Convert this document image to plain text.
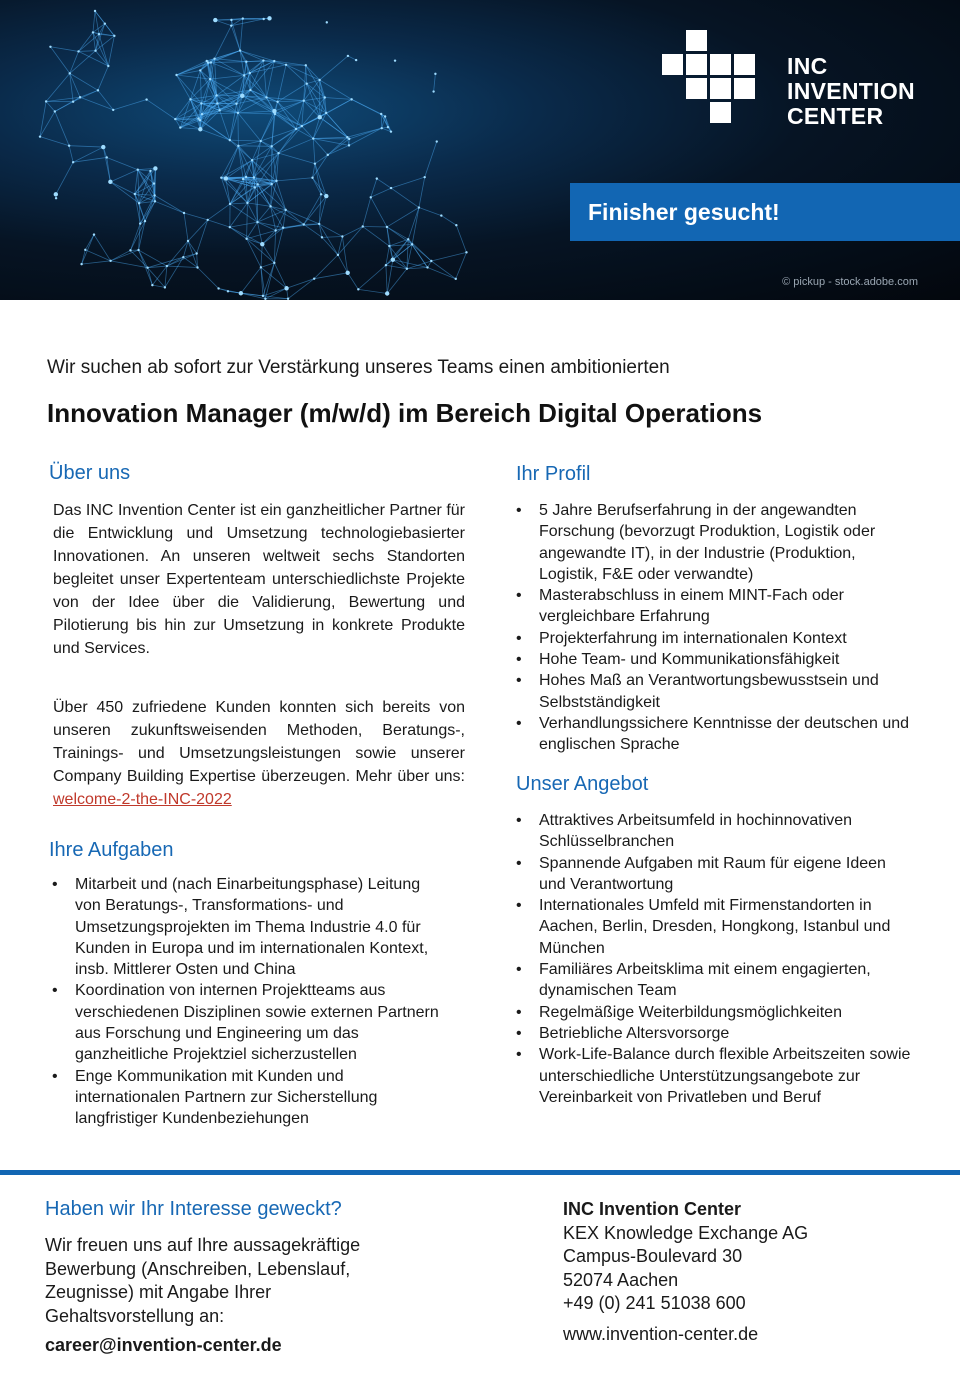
INC
INVENTION
CENTER
Finisher gesucht!
© pickup - stock.adobe.com
Wir suchen ab sofort zur Verstärkung unseres Teams einen ambitionierten
Innovation Manager (m/w/d) im Bereich Digital Operations
Über uns
Das INC Invention Center ist ein ganzheitlicher Partner für die Entwicklung und Umsetzung technologiebasierter Innovationen. An unseren weltweit sechs Standorten begleitet unser Expertenteam unterschiedlichste Projekte von der Idee über die Validierung, Bewertung und Pilotierung bis hin zur Umsetzung in konkrete Produkte und Services.
Über 450 zufriedene Kunden konnten sich bereits von unseren zukunftsweisenden Methoden, Beratungs-, Trainings- und Umsetzungsleistungen sowie unserer Company Building Expertise überzeugen. Mehr über uns: welcome-2-the-INC-2022
Ihre Aufgaben
• Mitarbeit und (nach Einarbeitungsphase) Leitung von Beratungs-, Transformations- und Umsetzungsprojekten im Thema Industrie 4.0 für Kunden in Europa und im internationalen Kontext, insb. Mittlerer Osten und China
• Koordination von internen Projektteams aus verschiedenen Disziplinen sowie externen Partnern aus Forschung und Engineering um das ganzheitliche Projektziel sicherzustellen
• Enge Kommunikation mit Kunden und internationalen Partnern zur Sicherstellung langfristiger Kundenbeziehungen
Ihr Profil
• 5 Jahre Berufserfahrung in der angewandten Forschung (bevorzugt Produktion, Logistik oder angewandte IT), in der Industrie (Produktion, Logistik, F&E oder verwandte)
• Masterabschluss in einem MINT-Fach oder vergleichbare Erfahrung
• Projekterfahrung im internationalen Kontext
• Hohe Team- und Kommunikationsfähigkeit
• Hohes Maß an Verantwortungsbewusstsein und Selbstständigkeit
• Verhandlungssichere Kenntnisse der deutschen und englischen Sprache
Unser Angebot
• Attraktives Arbeitsumfeld in hochinnovativen Schlüsselbranchen
• Spannende Aufgaben mit Raum für eigene Ideen und Verantwortung
• Internationales Umfeld mit Firmenstandorten in Aachen, Berlin, Dresden, Hongkong, Istanbul und München
• Familiäres Arbeitsklima mit einem engagierten, dynamischen Team
• Regelmäßige Weiterbildungsmöglichkeiten
• Betriebliche Altersvorsorge
• Work-Life-Balance durch flexible Arbeitszeiten sowie unterschiedliche Unterstützungsangebote zur Vereinbarkeit von Privatleben und Beruf
Haben wir Ihr Interesse geweckt?
Wir freuen uns auf Ihre aussagekräftige Bewerbung (Anschreiben, Lebenslauf, Zeugnisse) mit Angabe Ihrer Gehaltsvorstellung an:
career@invention-center.de
INC Invention Center
KEX Knowledge Exchange AG
Campus-Boulevard 30
52074 Aachen
+49 (0) 241 51038 600
www.invention-center.de
